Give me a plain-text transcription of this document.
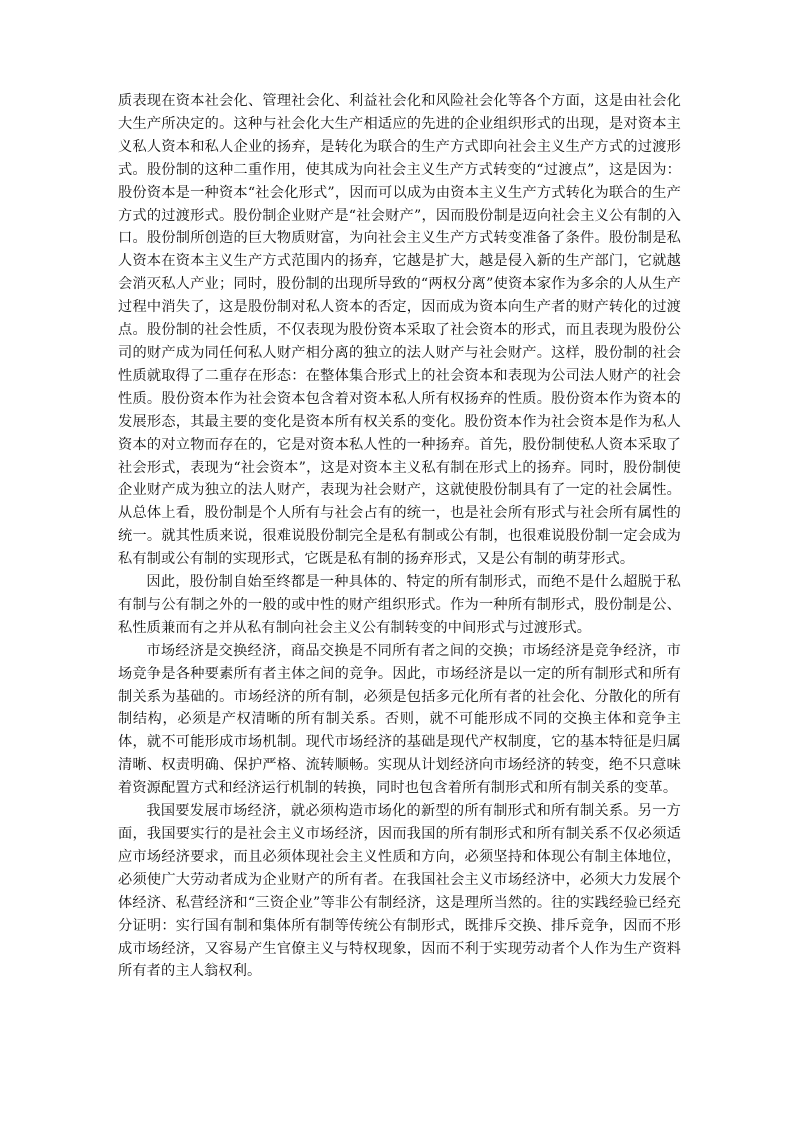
质表现在资本社会化、管理社会化、利益社会化和风险社会化等各个方面，这是由社会化大生产所决定的。这种与社会化大生产相适应的先进的企业组织形式的出现，是对资本主义私人资本和私人企业的扬弃，是转化为联合的生产方式即向社会主义生产方式的过渡形式。股份制的这种二重作用，使其成为向社会主义生产方式转变的“过渡点”，这是因为：股份资本是一种资本“社会化形式”，因而可以成为由资本主义生产方式转化为联合的生产方式的过渡形式。股份制企业财产是“社会财产”，因而股份制是迈向社会主义公有制的入口。股份制所创造的巨大物质财富，为向社会主义生产方式转变准备了条件。股份制是私人资本在资本主义生产方式范围内的扬弃，它越是扩大，越是侵入新的生产部门，它就越会消灭私人产业；同时，股份制的出现所导致的“两权分离”使资本家作为多余的人从生产过程中消失了，这是股份制对私人资本的否定，因而成为资本向生产者的财产转化的过渡点。股份制的社会性质，不仅表现为股份资本采取了社会资本的形式，而且表现为股份公司的财产成为同任何私人财产相分离的独立的法人财产与社会财产。这样，股份制的社会性质就取得了二重存在形态：在整体集合形式上的社会资本和表现为公司法人财产的社会性质。股份资本作为社会资本包含着对资本私人所有权扬弃的性质。股份资本作为资本的发展形态，其最主要的变化是资本所有权关系的变化。股份资本作为社会资本是作为私人资本的对立物而存在的，它是对资本私人性的一种扬弃。首先，股份制使私人资本采取了社会形式，表现为“社会资本”，这是对资本主义私有制在形式上的扬弃。同时，股份制使企业财产成为独立的法人财产，表现为社会财产，这就使股份制具有了一定的社会属性。从总体上看，股份制是个人所有与社会占有的统一，也是社会所有形式与社会所有属性的统一。就其性质来说，很难说股份制完全是私有制或公有制，也很难说股份制一定会成为私有制或公有制的实现形式，它既是私有制的扬弃形式，又是公有制的萌芽形式。

因此，股份制自始至终都是一种具体的、特定的所有制形式，而绝不是什么超脱于私有制与公有制之外的一般的或中性的财产组织形式。作为一种所有制形式，股份制是公、私性质兼而有之并从私有制向社会主义公有制转变的中间形式与过渡形式。

市场经济是交换经济，商品交换是不同所有者之间的交换；市场经济是竞争经济，市场竞争是各种要素所有者主体之间的竞争。因此，市场经济是以一定的所有制形式和所有制关系为基础的。市场经济的所有制，必须是包括多元化所有者的社会化、分散化的所有制结构，必须是产权清晰的所有制关系。否则，就不可能形成不同的交换主体和竞争主体，就不可能形成市场机制。现代市场经济的基础是现代产权制度，它的基本特征是归属清晰、权责明确、保护严格、流转顺畅。实现从计划经济向市场经济的转变，绝不只意味着资源配置方式和经济运行机制的转换，同时也包含着所有制形式和所有制关系的变革。

我国要发展市场经济，就必须构造市场化的新型的所有制形式和所有制关系。另一方面，我国要实行的是社会主义市场经济，因而我国的所有制形式和所有制关系不仅必须适应市场经济要求，而且必须体现社会主义性质和方向，必须坚持和体现公有制主体地位，必须使广大劳动者成为企业财产的所有者。在我国社会主义市场经济中，必须大力发展个体经济、私营经济和“三资企业”等非公有制经济，这是理所当然的。往的实践经验已经充分证明：实行国有制和集体所有制等传统公有制形式，既排斥交换、排斥竞争，因而不形成市场经济，又容易产生官僚主义与特权现象，因而不利于实现劳动者个人作为生产资料所有者的主人翁权利。
